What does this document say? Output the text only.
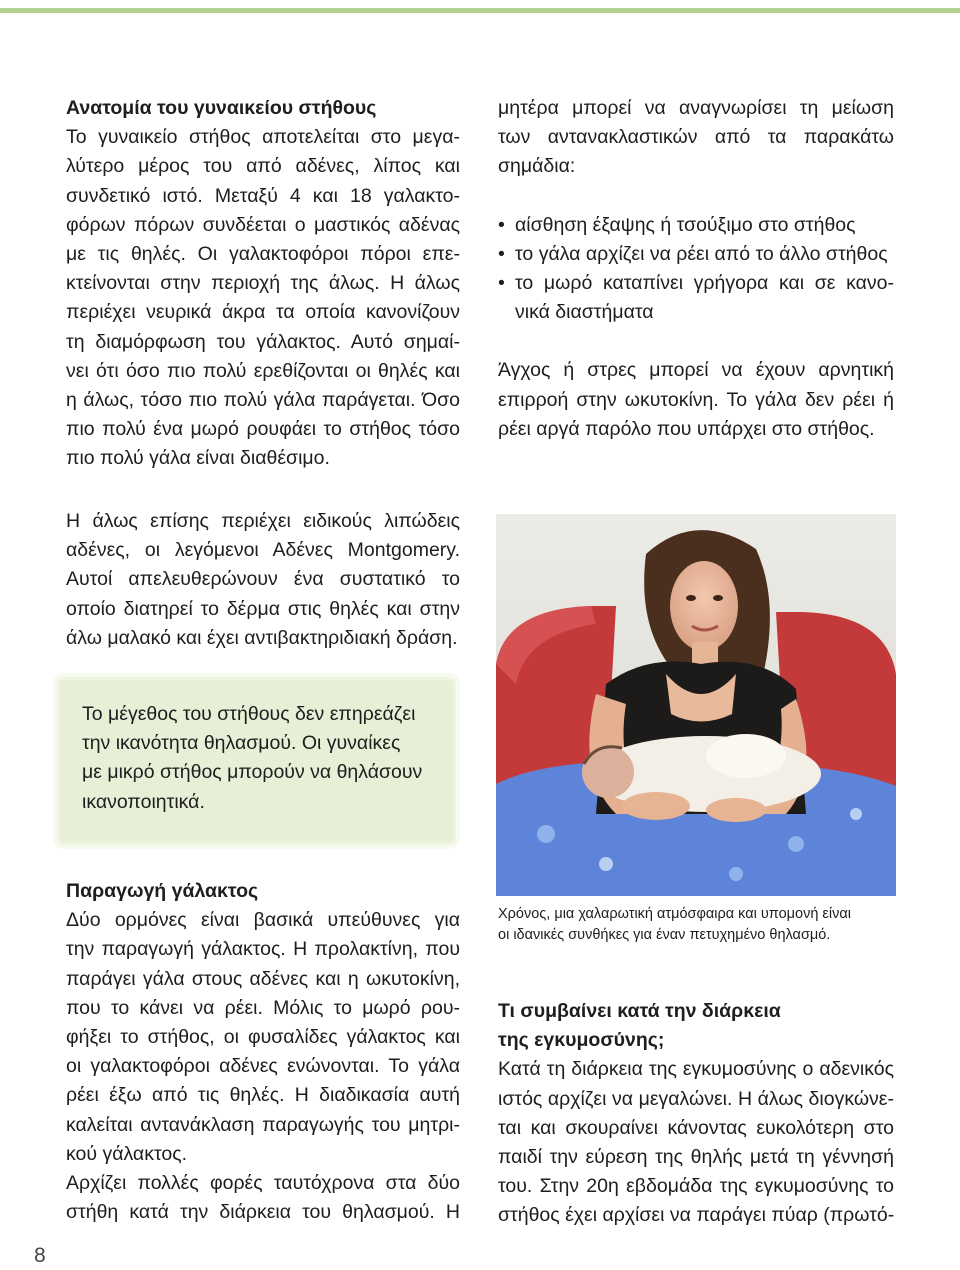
Ανατομία του γυναικείου στήθους

Το γυναικείο στήθος αποτελείται στο μεγα-
λύτερο μέρος του από αδένες, λίπος και
συνδετικό ιστό. Μεταξύ 4 και 18 γαλακτο-
φόρων πόρων συνδέεται ο μαστικός αδένας
με τις θηλές. Οι γαλακτοφόροι πόροι επε-
κτείνονται στην περιοχή της άλως. Η άλως
περιέχει νευρικά άκρα τα οποία κανονίζουν
τη διαμόρφωση του γάλακτος. Αυτό σημαί-
νει ότι όσο πιο πολύ ερεθίζονται οι θηλές και
η άλως, τόσο πιο πολύ γάλα παράγεται. Όσο
πιο πολύ ένα μωρό ρουφάει το στήθος τόσο
πιο πολύ γάλα είναι διαθέσιμο.

Η άλως επίσης περιέχει ειδικούς λιπώδεις
αδένες, οι λεγόμενοι Αδένες Montgomery.
Αυτοί απελευθερώνουν ένα συστατικό το
οποίο διατηρεί το δέρμα στις θηλές και στην
άλω μαλακό και έχει αντιβακτηριδιακή δράση.

Το μέγεθος του στήθους δεν επηρεάζει
την ικανότητα θηλασμού. Οι γυναίκες
με μικρό στήθος μπορούν να θηλάσουν
ικανοποιητικά.
Παραγωγή γάλακτος

Δύο ορμόνες είναι βασικά υπεύθυνες για
την παραγωγή γάλακτος. Η προλακτίνη, που
παράγει γάλα στους αδένες και η ωκυτοκίνη,
που το κάνει να ρέει. Μόλις το μωρό ρου-
φήξει το στήθος, οι φυσαλίδες γάλακτος και
οι γαλακτοφόροι αδένες ενώνονται. Το γάλα
ρέει έξω από τις θηλές. Η διαδικασία αυτή
καλείται αντανάκλαση παραγωγής του μητρι-
κού γάλακτος.
Αρχίζει πολλές φορές ταυτόχρονα στα δύο
στήθη κατά την διάρκεια του θηλασμού. Η

μητέρα μπορεί να αναγνωρίσει τη μείωση
των αντανακλαστικών από τα παρακάτω
σημάδια:

• αίσθηση έξαψης ή τσούξιμο στο στήθος
• το γάλα αρχίζει να ρέει από το άλλο στήθος
• το μωρό καταπίνει γρήγορα και σε κανο-
νικά διαστήματα

Άγχος ή στρες μπορεί να έχουν αρνητική
επιρροή στην ωκυτοκίνη. Το γάλα δεν ρέει ή
ρέει αργά παρόλο που υπάρχει στο στήθος.

Χρόνος, μια χαλαρωτική ατμόσφαιρα και υπομονή είναι
οι ιδανικές συνθήκες για έναν πετυχημένο θηλασμό.
Τι συμβαίνει κατά την διάρκεια
της εγκυμοσύνης;

Κατά τη διάρκεια της εγκυμοσύνης ο αδενικός
ιστός αρχίζει να μεγαλώνει. Η άλως διογκώνε-
ται και σκουραίνει κάνοντας ευκολότερη στο
παιδί την εύρεση της θηλής μετά τη γέννησή
του. Στην 20η εβδομάδα της εγκυμοσύνης το
στήθος έχει αρχίσει να παράγει πύαρ (πρωτό-

8
